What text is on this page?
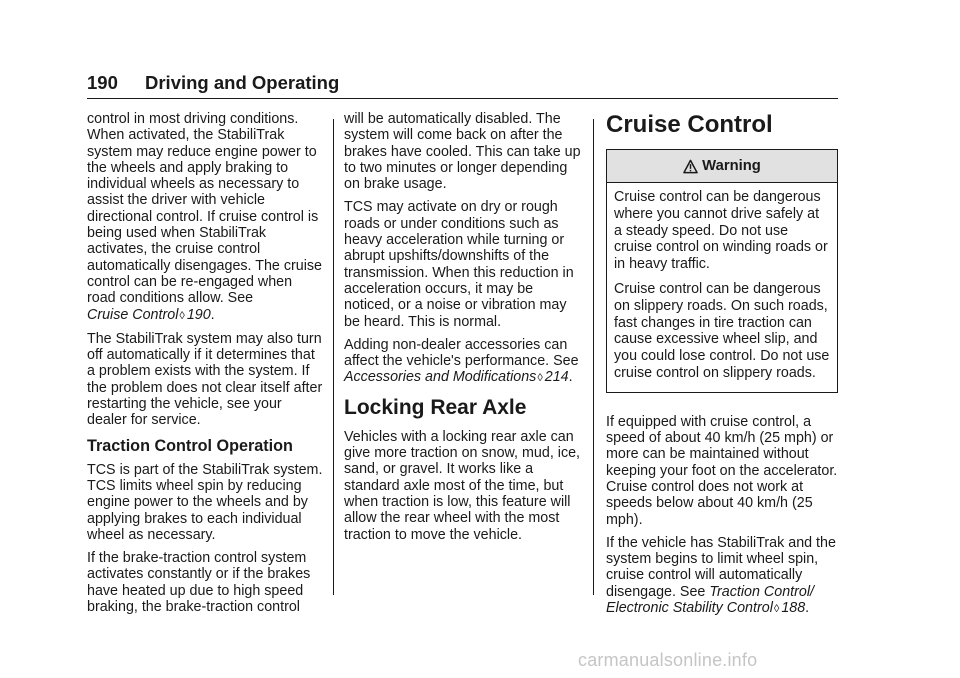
190 Driving and Operating

control in most driving conditions. When activated, the StabiliTrak system may reduce engine power to the wheels and apply braking to individual wheels as necessary to assist the driver with vehicle directional control. If cruise control is being used when StabiliTrak activates, the cruise control automatically disengages. The cruise control can be re-engaged when road conditions allow. See
Cruise Control◊ 190.

The StabiliTrak system may also turn off automatically if it determines that a problem exists with the system. If the problem does not clear itself after restarting the vehicle, see your dealer for service.

Traction Control Operation

TCS is part of the StabiliTrak system. TCS limits wheel spin by reducing engine power to the wheels and by applying brakes to each individual wheel as necessary.

If the brake-traction control system activates constantly or if the brakes have heated up due to high speed braking, the brake-traction control

will be automatically disabled. The system will come back on after the brakes have cooled. This can take up to two minutes or longer depending on brake usage.

TCS may activate on dry or rough roads or under conditions such as heavy acceleration while turning or abrupt upshifts/downshifts of the transmission. When this reduction in acceleration occurs, it may be noticed, or a noise or vibration may be heard. This is normal.

Adding non-dealer accessories can affect the vehicle's performance. See Accessories and Modifications◊ 214.

Locking Rear Axle

Vehicles with a locking rear axle can give more traction on snow, mud, ice, sand, or gravel. It works like a standard axle most of the time, but when traction is low, this feature will allow the rear wheel with the most traction to move the vehicle.

Cruise Control
Warning

Cruise control can be dangerous where you cannot drive safely at a steady speed. Do not use cruise control on winding roads or in heavy traffic.

Cruise control can be dangerous on slippery roads. On such roads, fast changes in tire traction can cause excessive wheel slip, and you could lose control. Do not use cruise control on slippery roads.

If equipped with cruise control, a speed of about 40 km/h (25 mph) or more can be maintained without keeping your foot on the accelerator. Cruise control does not work at speeds below about 40 km/h (25 mph).

If the vehicle has StabiliTrak and the system begins to limit wheel spin, cruise control will automatically disengage. See Traction Control/ Electronic Stability Control◊ 188.

carmanualsonline.info
